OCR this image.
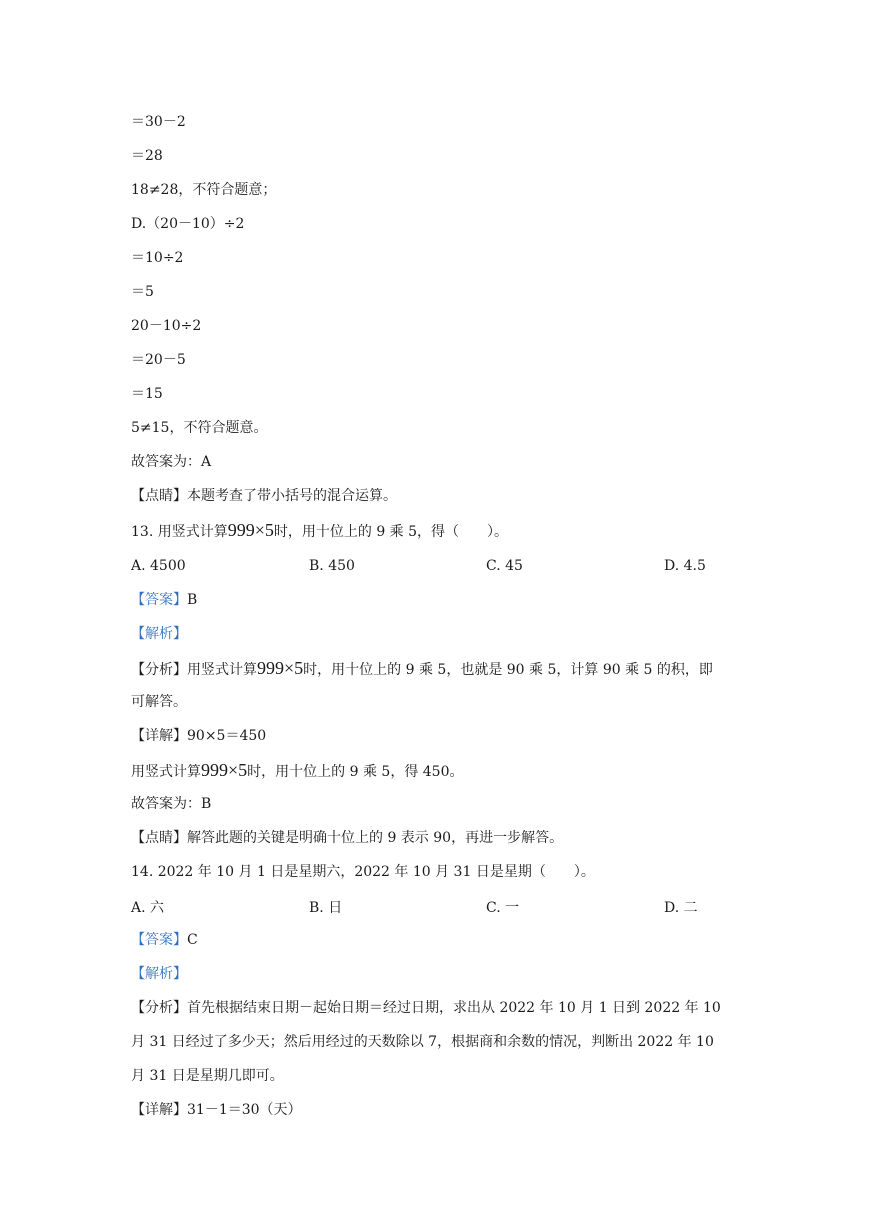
＝30－2

＝28

18≠28，不符合题意；

D.（20－10）÷2

＝10÷2

＝5

20－10÷2

＝20－5

＝15

5≠15，不符合题意。

故答案为：A

【点睛】本题考查了带小括号的混合运算。

13. 用竖式计算999×5时，用十位上的 9 乘 5，得（　　）。

A. 4500	B. 450	C. 45	D. 4.5

【答案】B

【解析】

【分析】用竖式计算999×5时，用十位上的 9 乘 5，也就是 90 乘 5，计算 90 乘 5 的积，即

可解答。

【详解】90×5＝450

用竖式计算999×5时，用十位上的 9 乘 5，得 450。

故答案为：B

【点睛】解答此题的关键是明确十位上的 9 表示 90，再进一步解答。

14. 2022 年 10 月 1 日是星期六，2022 年 10 月 31 日是星期（　　）。

A. 六	B. 日	C. 一	D. 二

【答案】C

【解析】

【分析】首先根据结束日期－起始日期＝经过日期，求出从 2022 年 10 月 1 日到 2022 年 10

月 31 日经过了多少天；然后用经过的天数除以 7，根据商和余数的情况，判断出 2022 年 10

月 31 日是星期几即可。

【详解】31－1＝30（天）
